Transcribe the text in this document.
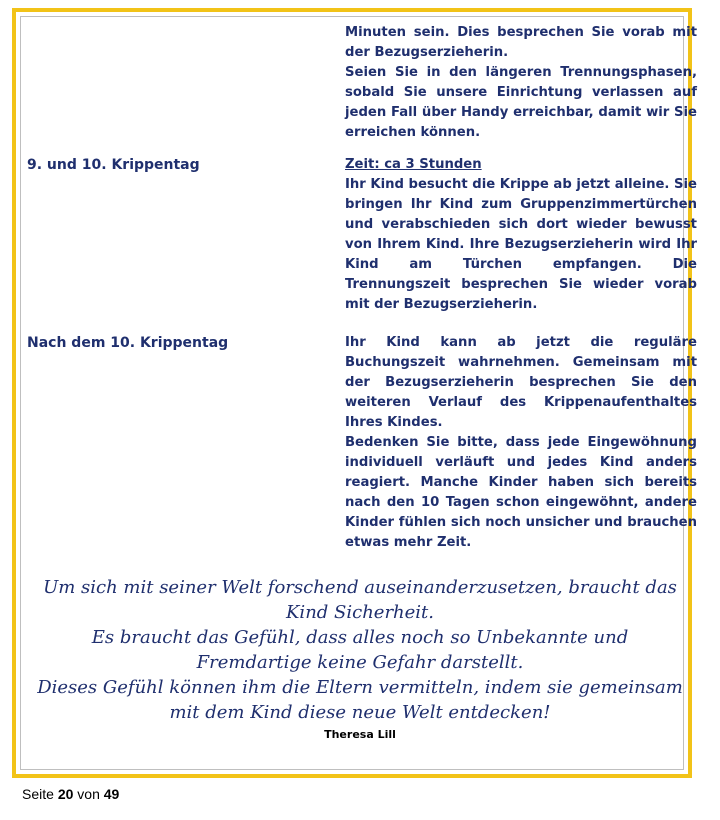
Minuten sein. Dies besprechen Sie vorab mit der Bezugserzieherin.

Seien Sie in den längeren Trennungsphasen, sobald Sie unsere Einrichtung verlassen auf jeden Fall über Handy erreichbar, damit wir Sie erreichen können.

9. und 10. Krippentag	Zeit: ca 3 Stunden

Ihr Kind besucht die Krippe ab jetzt alleine. Sie bringen Ihr Kind zum Gruppenzimmertürchen und verabschieden sich dort wieder bewusst von Ihrem Kind. Ihre Bezugserzieherin wird Ihr Kind am Türchen empfangen. Die Trennungszeit besprechen Sie wieder vorab mit der Bezugserzieherin.

Nach dem 10. Krippentag	Ihr Kind kann ab jetzt die reguläre Buchungszeit wahrnehmen. Gemeinsam mit der Bezugserzieherin besprechen Sie den weiteren Verlauf des Krippenaufenthaltes Ihres Kindes.

Bedenken Sie bitte, dass jede Eingewöhnung individuell verläuft und jedes Kind anders reagiert. Manche Kinder haben sich bereits nach den 10 Tagen schon eingewöhnt, andere Kinder fühlen sich noch unsicher und brauchen etwas mehr Zeit.

Um sich mit seiner Welt forschend auseinanderzusetzen, braucht das Kind Sicherheit.

Es braucht das Gefühl, dass alles noch so Unbekannte und Fremdartige keine Gefahr darstellt.

Dieses Gefühl können ihm die Eltern vermitteln, indem sie gemeinsam mit dem Kind diese neue Welt entdecken!

Theresa Lill
Seite 20 von 49
